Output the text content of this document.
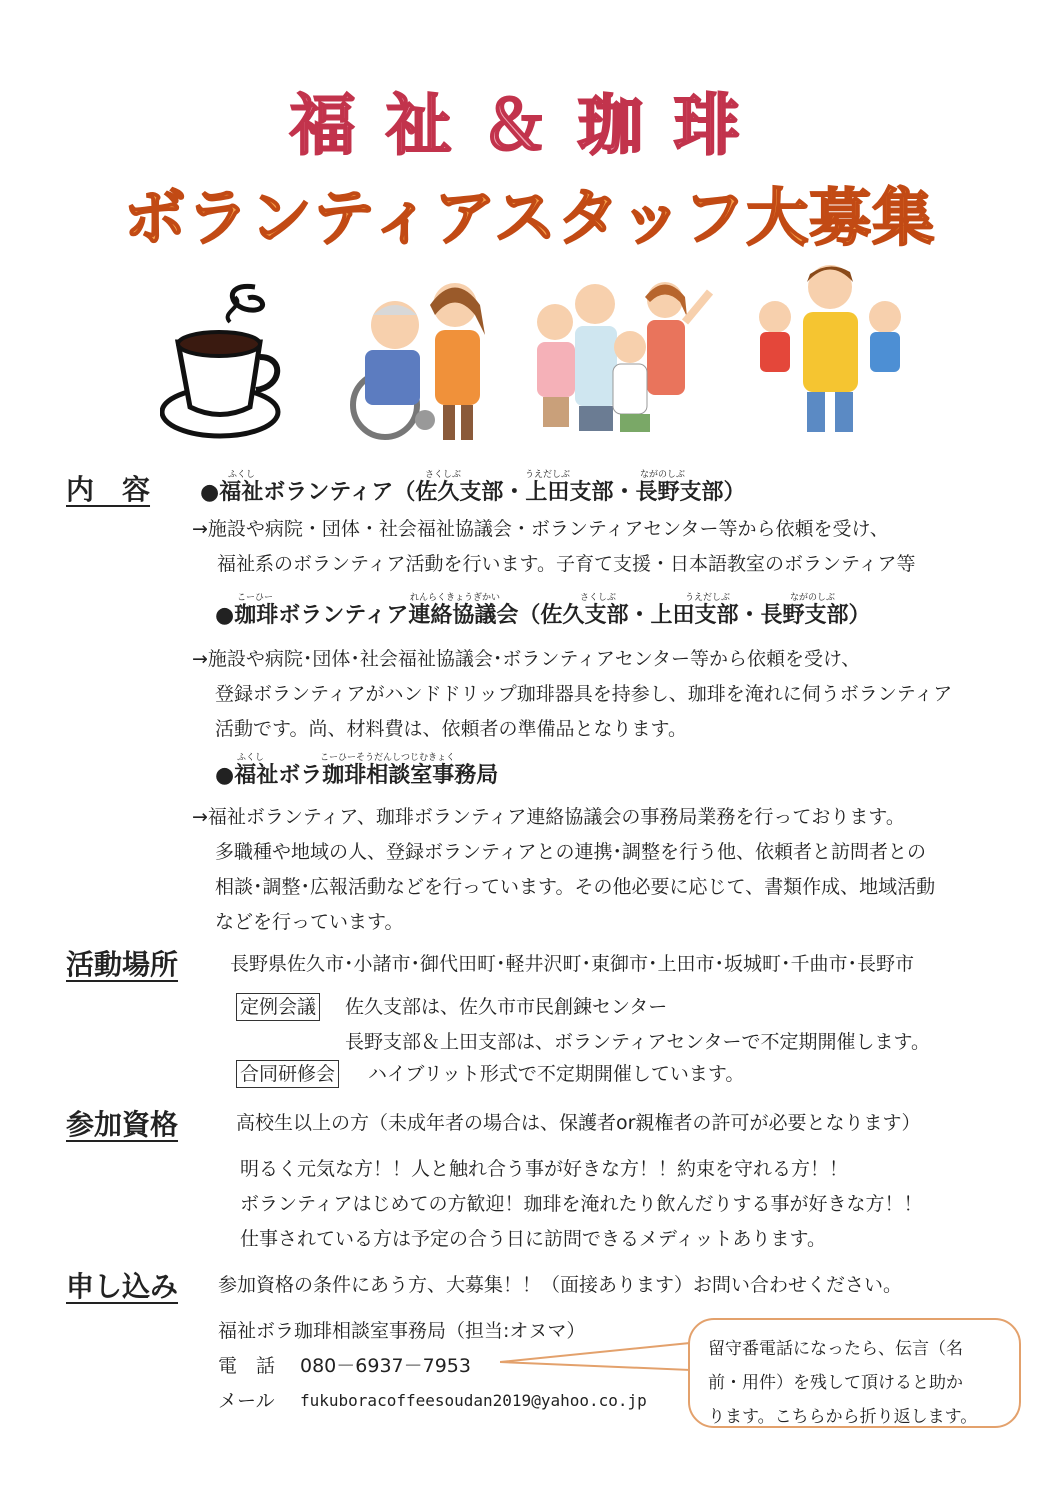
福祉＆珈琲
ボランティアスタッフ大募集
内　容	ふくし	さくしぶ	うえだしぶ	ながのしぶ
●福祉ボランティア（佐久支部・上田支部・長野支部）
→施設や病院・団体・社会福祉協議会・ボランティアセンター等から依頼を受け、
福祉系のボランティア活動を行います。子育て支援・日本語教室のボランティア等
こーひー	れんらくきょうぎかい	さくしぶ	うえだしぶ	ながのしぶ
●珈琲ボランティア連絡協議会（佐久支部・上田支部・長野支部）
→施設や病院･団体･社会福祉協議会･ボランティアセンター等から依頼を受け、
登録ボランティアがハンドドリップ珈琲器具を持参し、珈琲を淹れに伺うボランティア
活動です。尚、材料費は、依頼者の準備品となります。
ふくし	こーひーそうだんしつじむきょく
●福祉ボラ珈琲相談室事務局
→福祉ボランティア、珈琲ボランティア連絡協議会の事務局業務を行っております。
多職種や地域の人、登録ボランティアとの連携･調整を行う他、依頼者と訪問者との
相談･調整･広報活動などを行っています。その他必要に応じて、書類作成、地域活動
などを行っています。
活動場所	長野県佐久市･小諸市･御代田町･軽井沢町･東御市･上田市･坂城町･千曲市･長野市
定例会議 佐久支部は、佐久市市民創錬センター
長野支部＆上田支部は、ボランティアセンターで不定期開催します。
合同研修会 ハイブリット形式で不定期開催しています。
参加資格	高校生以上の方（未成年者の場合は、保護者or親権者の許可が必要となります）
明るく元気な方！！人と触れ合う事が好きな方！！約束を守れる方！！
ボランティアはじめての方歓迎！珈琲を淹れたり飲んだりする事が好きな方！！
仕事されている方は予定の合う日に訪問できるメディットあります。
申し込み 参加資格の条件にあう方、大募集！！（面接あります）お問い合わせください。
福祉ボラ珈琲相談室事務局（担当:オヌマ）
電　話 080－6937－7953
メール fukuboracoffeesoudan2019@yahoo.co.jp
留守番電話になったら、伝言（名
前・用件）を残して頂けると助か
ります。こちらから折り返します。
